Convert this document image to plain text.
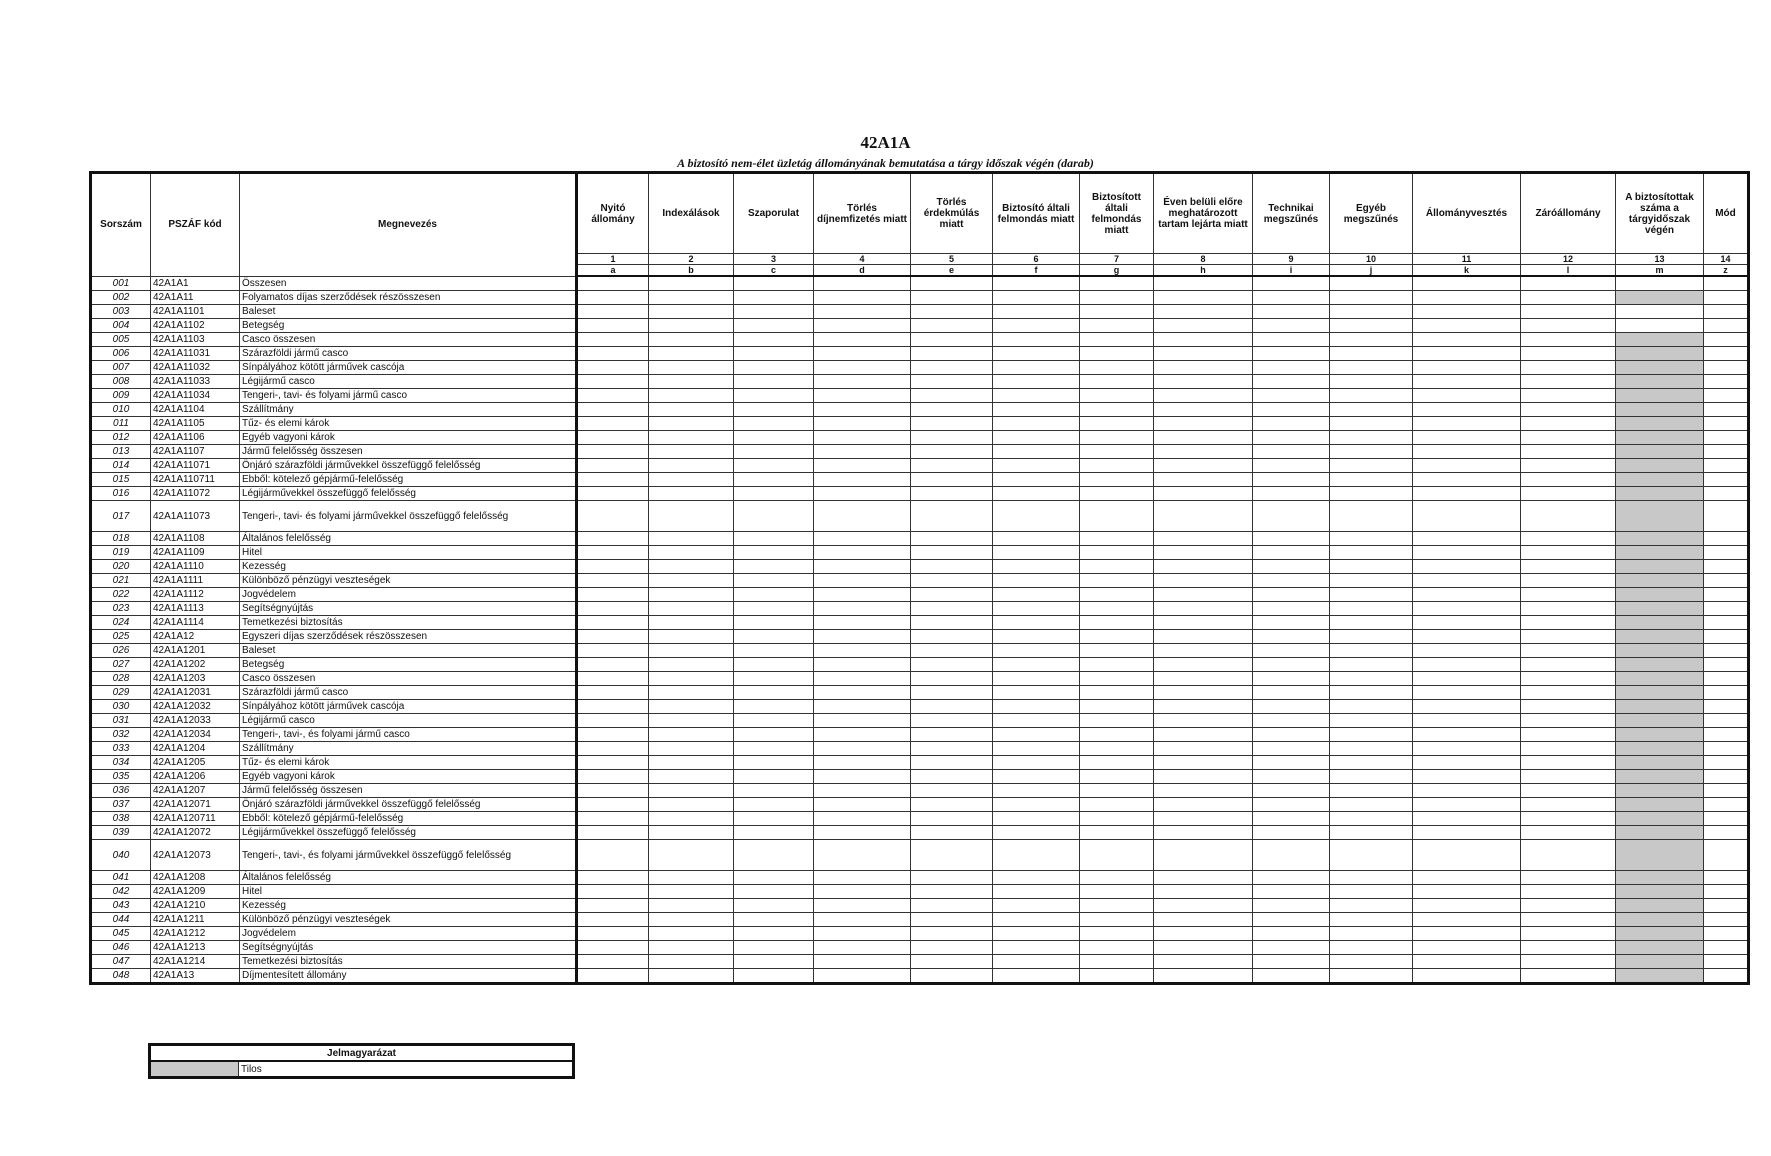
42A1A
A biztosító nem-élet üzletág állományának bemutatása a tárgy időszak végén (darab)
Sorszám	PSZÁF kód	Megnevezés	Nyitó állomány	Indexálások	Szaporulat	Törlés díjnemfizetés miatt	Törlés érdekmúlás miatt	Biztosító általi felmondás miatt	Biztosított általi felmondás miatt	Éven belüli előre meghatározott tartam lejárta miatt	Technikai megszűnés	Egyéb megszűnés	Állományvesztés	Záróállomány	A biztosítottak száma a tárgyidőszak végén	Mód
			1	2	3	4	5	6	7	8	9	10	11	12	13	14
			a	b	c	d	e	f	g	h	i	j	k	l	m	z
001	42A1A1	Összesen														
002	42A1A11	Folyamatos díjas szerződések részösszesen														
003	42A1A1101	Baleset														
004	42A1A1102	Betegség														
005	42A1A1103	Casco összesen														
006	42A1A11031	Szárazföldi jármű casco														
007	42A1A11032	Sínpályához kötött járművek cascója														
008	42A1A11033	Légijármű casco														
009	42A1A11034	Tengeri-, tavi- és folyami jármű casco														
010	42A1A1104	Szállítmány														
011	42A1A1105	Tűz- és elemi károk														
012	42A1A1106	Egyéb vagyoni károk														
013	42A1A1107	Jármű felelősség összesen														
014	42A1A11071	Önjáró szárazföldi járművekkel összefüggő felelősség														
015	42A1A110711	Ebből: kötelező gépjármű-felelősség														
016	42A1A11072	Légijárművekkel összefüggő felelősség														
017	42A1A11073	Tengeri-, tavi- és folyami járművekkel összefüggő felelősség														
018	42A1A1108	Általános felelősség														
019	42A1A1109	Hitel														
020	42A1A1110	Kezesség														
021	42A1A1111	Különböző pénzügyi veszteségek														
022	42A1A1112	Jogvédelem														
023	42A1A1113	Segítségnyújtás														
024	42A1A1114	Temetkezési biztosítás														
025	42A1A12	Egyszeri díjas szerződések részösszesen														
026	42A1A1201	Baleset														
027	42A1A1202	Betegség														
028	42A1A1203	Casco összesen														
029	42A1A12031	Szárazföldi jármű casco														
030	42A1A12032	Sínpályához kötött járművek cascója														
031	42A1A12033	Légijármű casco														
032	42A1A12034	Tengeri-, tavi-, és folyami jármű casco														
033	42A1A1204	Szállítmány														
034	42A1A1205	Tűz- és elemi károk														
035	42A1A1206	Egyéb vagyoni károk														
036	42A1A1207	Jármű felelősség összesen														
037	42A1A12071	Önjáró szárazföldi járművekkel összefüggő felelősség														
038	42A1A120711	Ebből: kötelező gépjármű-felelősség														
039	42A1A12072	Légijárművekkel összefüggő felelősség														
040	42A1A12073	Tengeri-, tavi-, és folyami járművekkel összefüggő felelősség														
041	42A1A1208	Általános felelősség														
042	42A1A1209	Hitel														
043	42A1A1210	Kezesség														
044	42A1A1211	Különböző pénzügyi veszteségek														
045	42A1A1212	Jogvédelem														
046	42A1A1213	Segítségnyújtás														
047	42A1A1214	Temetkezési biztosítás														
048	42A1A13	Díjmentesített állomány														
Jelmagyarázat
	Tilos
